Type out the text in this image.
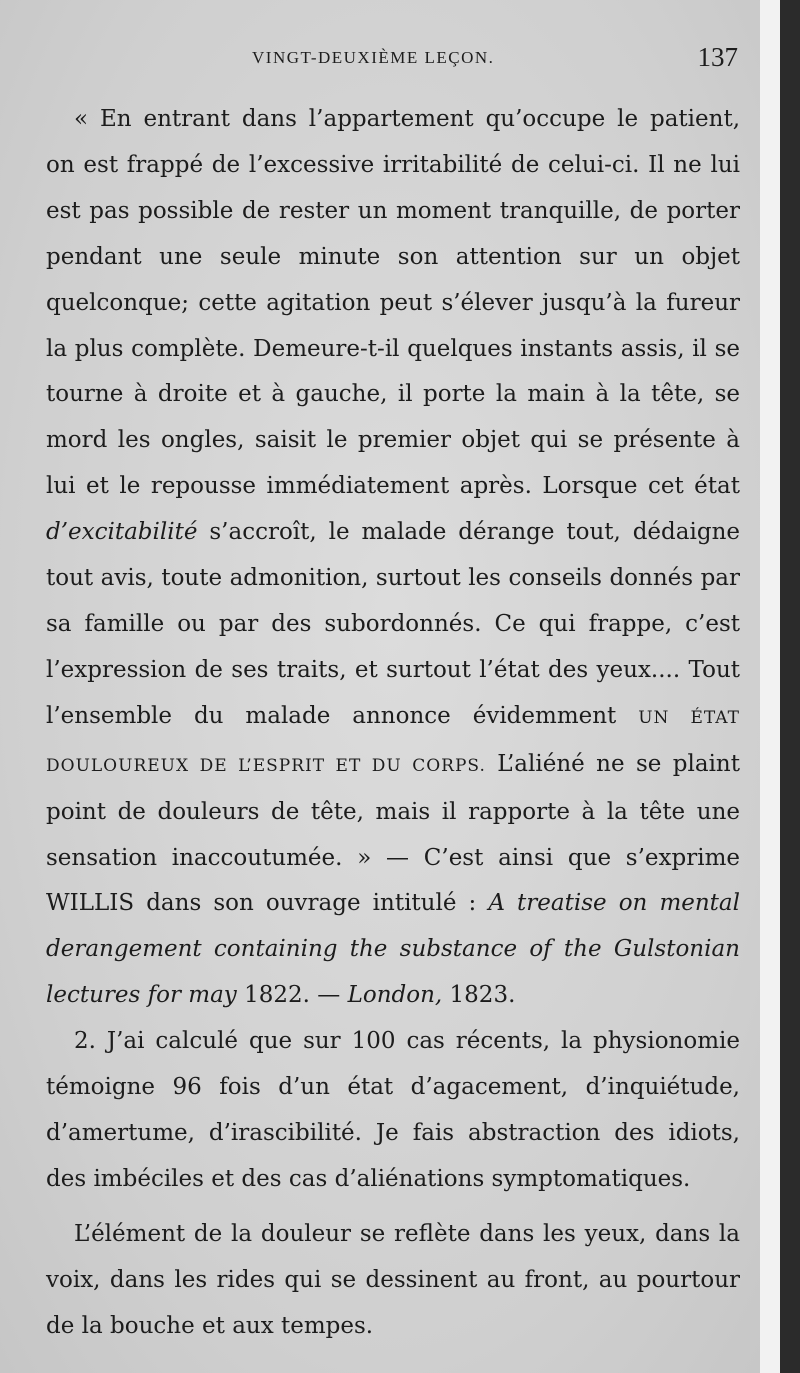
VINGT-DEUXIÈME LEÇON.	137

« En entrant dans l’appartement qu’occupe le patient, on est frappé de l’excessive irritabilité de celui-ci. Il ne lui est pas possible de rester un moment tranquille, de porter pendant une seule minute son attention sur un objet quelconque; cette agitation peut s’élever jusqu’à la fureur la plus complète. Demeure-t-il quelques instants assis, il se tourne à droite et à gauche, il porte la main à la tête, se mord les ongles, saisit le premier objet qui se présente à lui et le repousse immédiatement après. Lorsque cet état d’excitabilité s’accroît, le malade dérange tout, dédaigne tout avis, toute admonition, surtout les conseils donnés par sa famille ou par des subordonnés. Ce qui frappe, c’est l’expression de ses traits, et surtout l’état des yeux.... Tout l’ensemble du malade annonce évidemment UN ÉTAT DOULOUREUX DE L’ESPRIT ET DU CORPS. L’aliéné ne se plaint point de douleurs de tête, mais il rapporte à la tête une sensation inaccoutumée. » — C’est ainsi que s’exprime WILLIS dans son ouvrage intitulé : A treatise on mental derangement containing the substance of the Gulstonian lectures for may 1822. — London, 1823.

2. J’ai calculé que sur 100 cas récents, la physionomie témoigne 96 fois d’un état d’agacement, d’inquiétude, d’amertume, d’irascibilité. Je fais abstraction des idiots, des imbéciles et des cas d’aliénations symptomatiques.

L’élément de la douleur se reflète dans les yeux, dans la voix, dans les rides qui se dessinent au front, au pourtour de la bouche et aux tempes.
